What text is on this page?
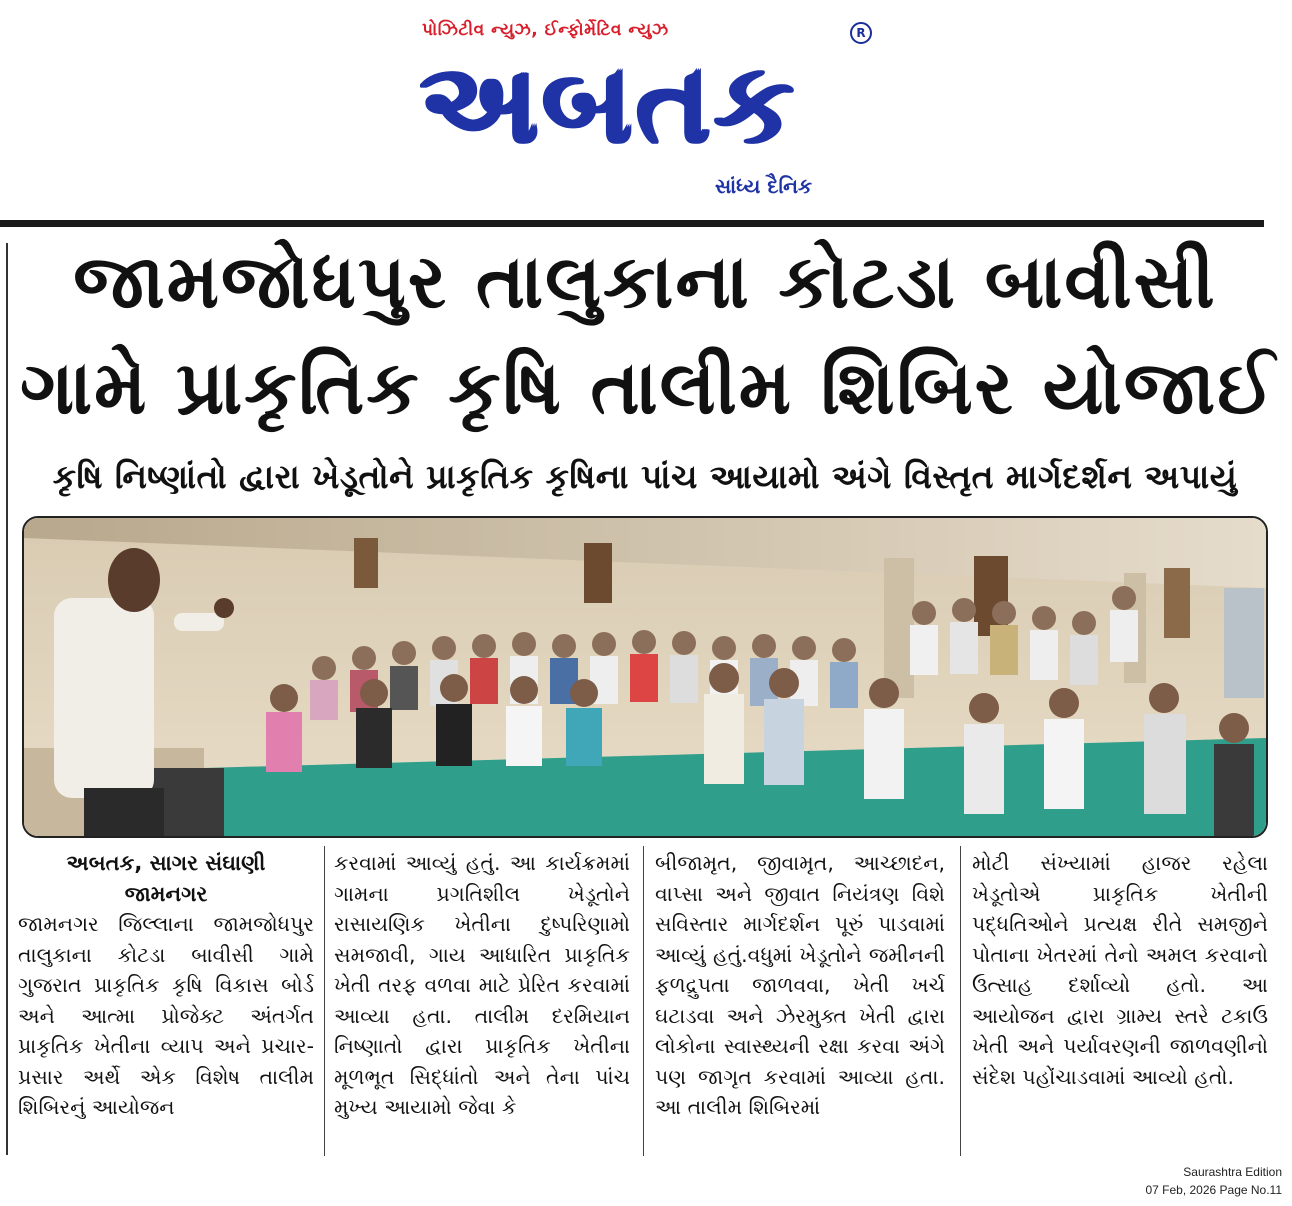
પોઝિટીવ ન્યુઝ, ઈન્ફોર્મેટિવ ન્યુઝ	R
અબતક
સાંધ્ય દૈનિક
જામજોધપુર તાલુકાના કોટડા બાવીસી
ગામે પ્રાકૃતિક કૃષિ તાલીમ શિબિર યોજાઈ
કૃષિ નિષ્ણાંતો દ્વારા ખેડૂતોને પ્રાકૃતિક કૃષિના પાંચ આયામો અંગે વિસ્તૃત માર્ગદર્શન અપાયું
અબતક, સાગર સંઘાણી
જામનગર

જામનગર જિલ્લાના જામજોધપુર તાલુકાના કોટડા બાવીસી ગામે ગુજરાત પ્રાકૃતિક કૃષિ વિકાસ બોર્ડ અને આત્મા પ્રોજેક્ટ અંતર્ગત પ્રાકૃતિક ખેતીના વ્યાપ અને પ્રચાર-પ્રસાર અર્થે એક વિશેષ તાલીમ શિબિરનું આયોજન

કરવામાં આવ્યું હતું. આ કાર્યક્રમમાં ગામના પ્રગતિશીલ ખેડૂતોને રાસાયણિક ખેતીના દુષ્પરિણામો સમજાવી, ગાય આધારિત પ્રાકૃતિક ખેતી તરફ વળવા માટે પ્રેરિત કરવામાં આવ્યા હતા. તાલીમ દરમિયાન નિષ્ણાતો દ્વારા પ્રાકૃતિક ખેતીના મૂળભૂત સિદ્ધાંતો અને તેના પાંચ મુખ્ય આયામો જેવા કે

બીજામૃત, જીવામૃત, આચ્છાદન, વાપ્સા અને જીવાત નિયંત્રણ વિશે સવિસ્તાર માર્ગદર્શન પૂરું પાડવામાં આવ્યું હતું.વધુમાં ખેડૂતોને જમીનની ફળદ્રુપતા જાળવવા, ખેતી ખર્ચ ઘટાડવા અને ઝેરમુક્ત ખેતી દ્વારા લોકોના સ્વાસ્થ્યની રક્ષા કરવા અંગે પણ જાગૃત કરવામાં આવ્યા હતા. આ તાલીમ શિબિરમાં

મોટી સંખ્યામાં હાજર રહેલા ખેડૂતોએ પ્રાકૃતિક ખેતીની પદ્ધતિઓને પ્રત્યક્ષ રીતે સમજીને પોતાના ખેતરમાં તેનો અમલ કરવાનો ઉત્સાહ દર્શાવ્યો હતો. આ આયોજન દ્વારા ગ્રામ્ય સ્તરે ટકાઉ ખેતી અને પર્યાવરણની જાળવણીનો સંદેશ પહોંચાડવામાં આવ્યો હતો.

Saurashtra Edition
07 Feb, 2026 Page No.11
